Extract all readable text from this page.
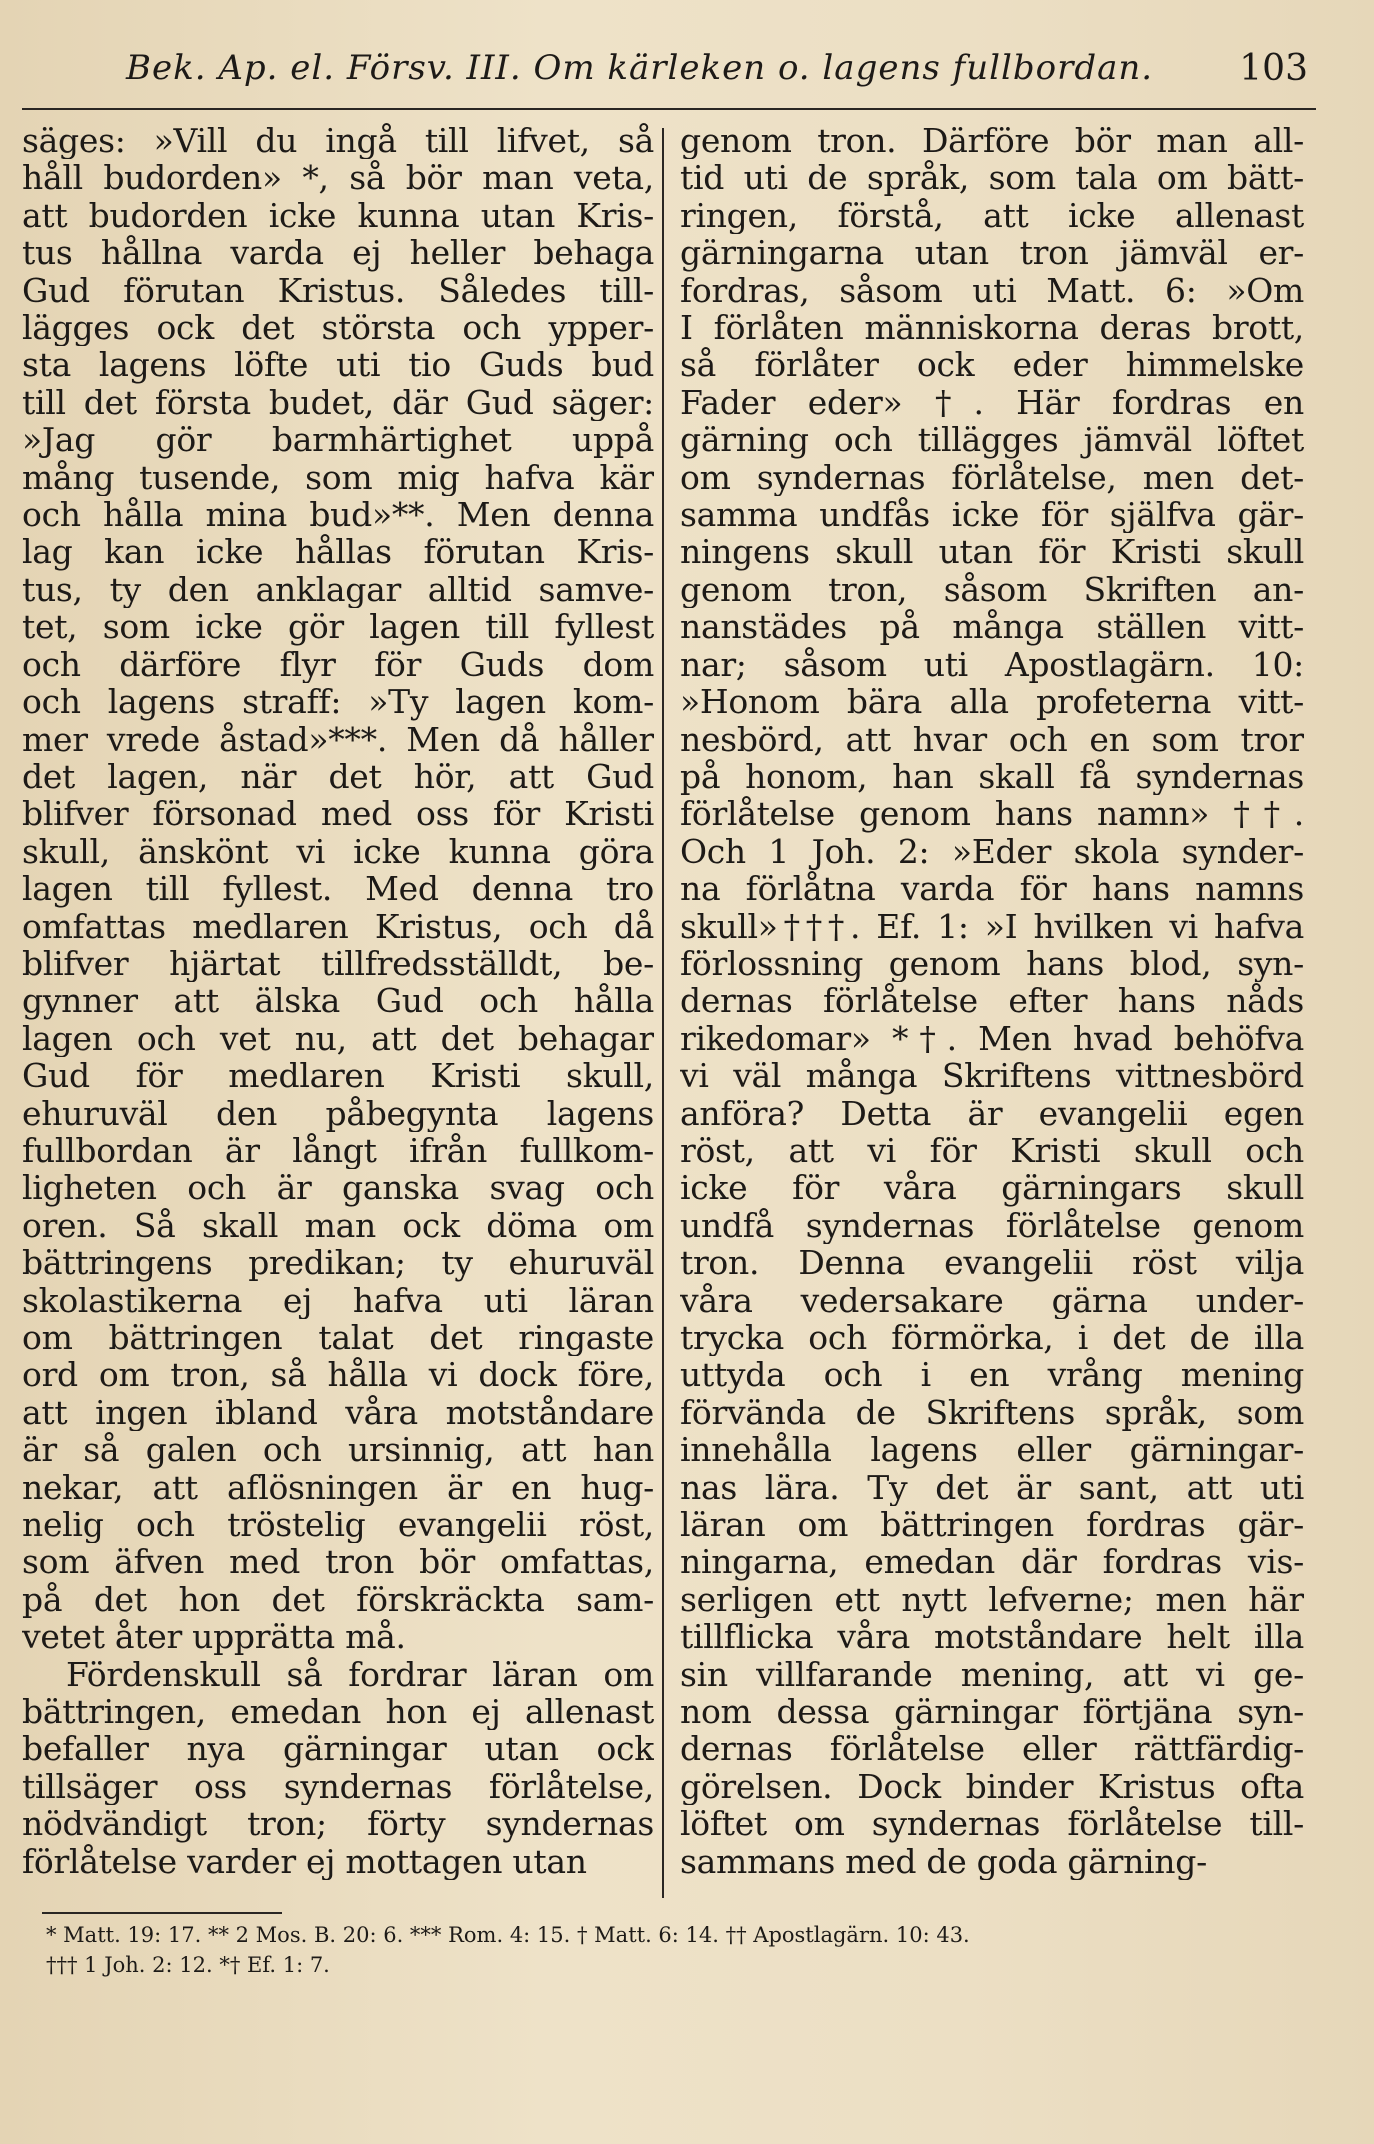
Bek. Ap. el. Försv. III. Om kärleken o. lagens fullbordan. 103
säges: »Vill du ingå till lifvet, så
håll budorden» *, så bör man veta,
att budorden icke kunna utan Kris-
tus hållna varda ej heller behaga
Gud förutan Kristus. Således till-
lägges ock det största och ypper-
sta lagens löfte uti tio Guds bud
till det första budet, där Gud säger:
»Jag gör barmhärtighet uppå
mång tusende, som mig hafva kär
och hålla mina bud»**. Men denna
lag kan icke hållas förutan Kris-
tus, ty den anklagar alltid samve-
tet, som icke gör lagen till fyllest
och därföre flyr för Guds dom
och lagens straff: »Ty lagen kom-
mer vrede åstad»***. Men då håller
det lagen, när det hör, att Gud
blifver försonad med oss för Kristi
skull, änskönt vi icke kunna göra
lagen till fyllest. Med denna tro
omfattas medlaren Kristus, och då
blifver hjärtat tillfredsställdt, be-
gynner att älska Gud och hålla
lagen och vet nu, att det behagar
Gud för medlaren Kristi skull,
ehuruväl den påbegynta lagens
fullbordan är långt ifrån fullkom-
ligheten och är ganska svag och
oren. Så skall man ock döma om
bättringens predikan; ty ehuruväl
skolastikerna ej hafva uti läran
om bättringen talat det ringaste
ord om tron, så hålla vi dock före,
att ingen ibland våra motståndare
är så galen och ursinnig, att han
nekar, att aflösningen är en hug-
nelig och tröstelig evangelii röst,
som äfven med tron bör omfattas,
på det hon det förskräckta sam-
vetet åter upprätta må.
Fördenskull så fordrar läran om
bättringen, emedan hon ej allenast
befaller nya gärningar utan ock
tillsäger oss syndernas förlåtelse,
nödvändigt tron; förty syndernas
förlåtelse varder ej mottagen utan
genom tron. Därföre bör man all-
tid uti de språk, som tala om bätt-
ringen, förstå, att icke allenast
gärningarna utan tron jämväl er-
fordras, såsom uti Matt. 6: »Om
I förlåten människorna deras brott,
så förlåter ock eder himmelske
Fader eder» †. Här fordras en
gärning och tillägges jämväl löftet
om syndernas förlåtelse, men det-
samma undfås icke för själfva gär-
ningens skull utan för Kristi skull
genom tron, såsom Skriften an-
nanstädes på många ställen vitt-
nar; såsom uti Apostlagärn. 10:
»Honom bära alla profeterna vitt-
nesbörd, att hvar och en som tror
på honom, han skall få syndernas
förlåtelse genom hans namn» ††.
Och 1 Joh. 2: »Eder skola synder-
na förlåtna varda för hans namns
skull»†††. Ef. 1: »I hvilken vi hafva
förlossning genom hans blod, syn-
dernas förlåtelse efter hans nåds
rikedomar» *†. Men hvad behöfva
vi väl många Skriftens vittnesbörd
anföra? Detta är evangelii egen
röst, att vi för Kristi skull och
icke för våra gärningars skull
undfå syndernas förlåtelse genom
tron. Denna evangelii röst vilja
våra vedersakare gärna under-
trycka och förmörka, i det de illa
uttyda och i en vrång mening
förvända de Skriftens språk, som
innehålla lagens eller gärningar-
nas lära. Ty det är sant, att uti
läran om bättringen fordras gär-
ningarna, emedan där fordras vis-
serligen ett nytt lefverne; men här
tillflicka våra motståndare helt illa
sin villfarande mening, att vi ge-
nom dessa gärningar förtjäna syn-
dernas förlåtelse eller rättfärdig-
görelsen. Dock binder Kristus ofta
löftet om syndernas förlåtelse till-
sammans med de goda gärning-
* Matt. 19: 17. ** 2 Mos. B. 20: 6. *** Rom. 4: 15. † Matt. 6: 14. †† Apostlagärn. 10: 43.
††† 1 Joh. 2: 12. *† Ef. 1: 7.
